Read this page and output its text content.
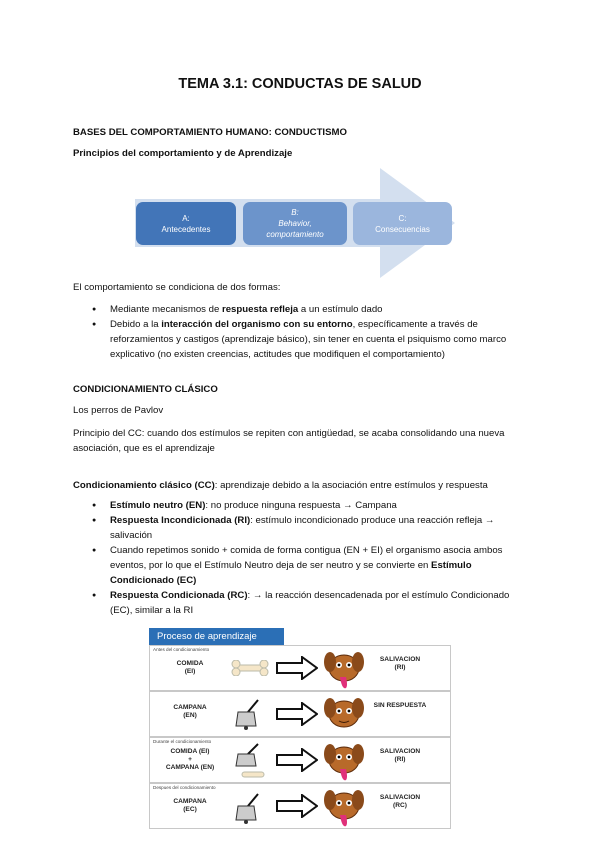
TEMA 3.1: CONDUCTAS DE SALUD
BASES DEL COMPORTAMIENTO HUMANO: CONDUCTISMO
Principios del comportamiento y de Aprendizaje
A:
Antecedentes
B:
Behavior,
comportamiento
C:
Consecuencias
El comportamiento se condiciona de dos formas:
● Mediante mecanismos de respuesta refleja a un estímulo dado
● Debido a la interacción del organismo con su entorno, específicamente a través de reforzamientos y castigos (aprendizaje básico), sin tener en cuenta el psiquismo como marco explicativo (no existen creencias, actitudes que modifiquen el comportamiento)
CONDICIONAMIENTO CLÁSICO
Los perros de Pavlov
Principio del CC: cuando dos estímulos se repiten con antigüedad, se acaba consolidando una nueva asociación, que es el aprendizaje
Condicionamiento clásico (CC): aprendizaje debido a la asociación entre estímulos y respuesta
● Estímulo neutro (EN): no produce ninguna respuesta → Campana
● Respuesta Incondicionada (RI): estímulo incondicionado produce una reacción refleja → salivación
● Cuando repetimos sonido + comida de forma contigua (EN + EI) el organismo asocia ambos eventos, por lo que el Estímulo Neutro deja de ser neutro y se convierte en Estímulo Condicionado (EC)
● Respuesta Condicionada (RC): → la reacción desencadenada por el estímulo Condicionado (EC), similar a la RI
Proceso de aprendizaje
Antes del condicionamiento
COMIDA
(EI)
SALIVACION
(RI)
CAMPANA
(EN)
SIN RESPUESTA
Durante el condicionamiento
COMIDA (EI)
+
CAMPANA (EN)
SALIVACION
(RI)
Despues del condicionamiento
CAMPANA
(EC)
SALIVACION
(RC)
